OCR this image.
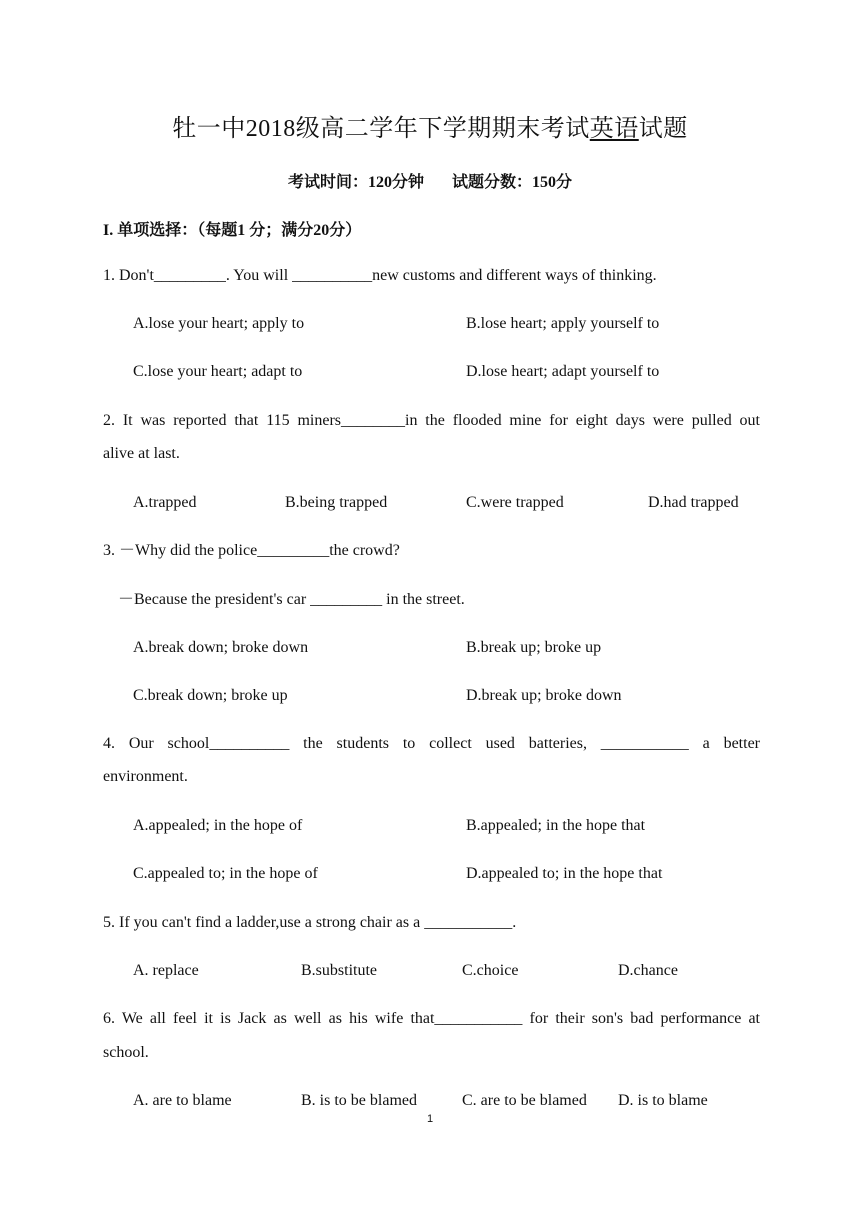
牡一中2018级高二学年下学期期末考试英语试题
考试时间：120分钟 试题分数：150分
I. 单项选择：（每题1 分；满分20分）
1. Don't_________. You will __________new customs and different ways of thinking.
A.lose your heart; apply to	B.lose heart; apply yourself to
C.lose your heart; adapt to	D.lose heart; adapt yourself to
2. It was reported that 115 miners________in the flooded mine for eight days were pulled out
alive at last.
A.trapped	B.being trapped	C.were trapped	D.had trapped
3. －Why did the police_________the crowd?
－Because the president's car _________ in the street.
A.break down; broke down	B.break up; broke up
C.break down; broke up	D.break up; broke down
4. Our school__________ the students to collect used batteries, ___________ a better
environment.
A.appealed; in the hope of	B.appealed; in the hope that
C.appealed to; in the hope of	D.appealed to; in the hope that
5. If you can't find a ladder,use a strong chair as a ___________.
A. replace	B.substitute	C.choice	D.chance
6. We all feel it is Jack as well as his wife that___________ for their son's bad performance at
school.
A. are to blame	B. is to be blamed	C. are to be blamed D. is to blame
1
